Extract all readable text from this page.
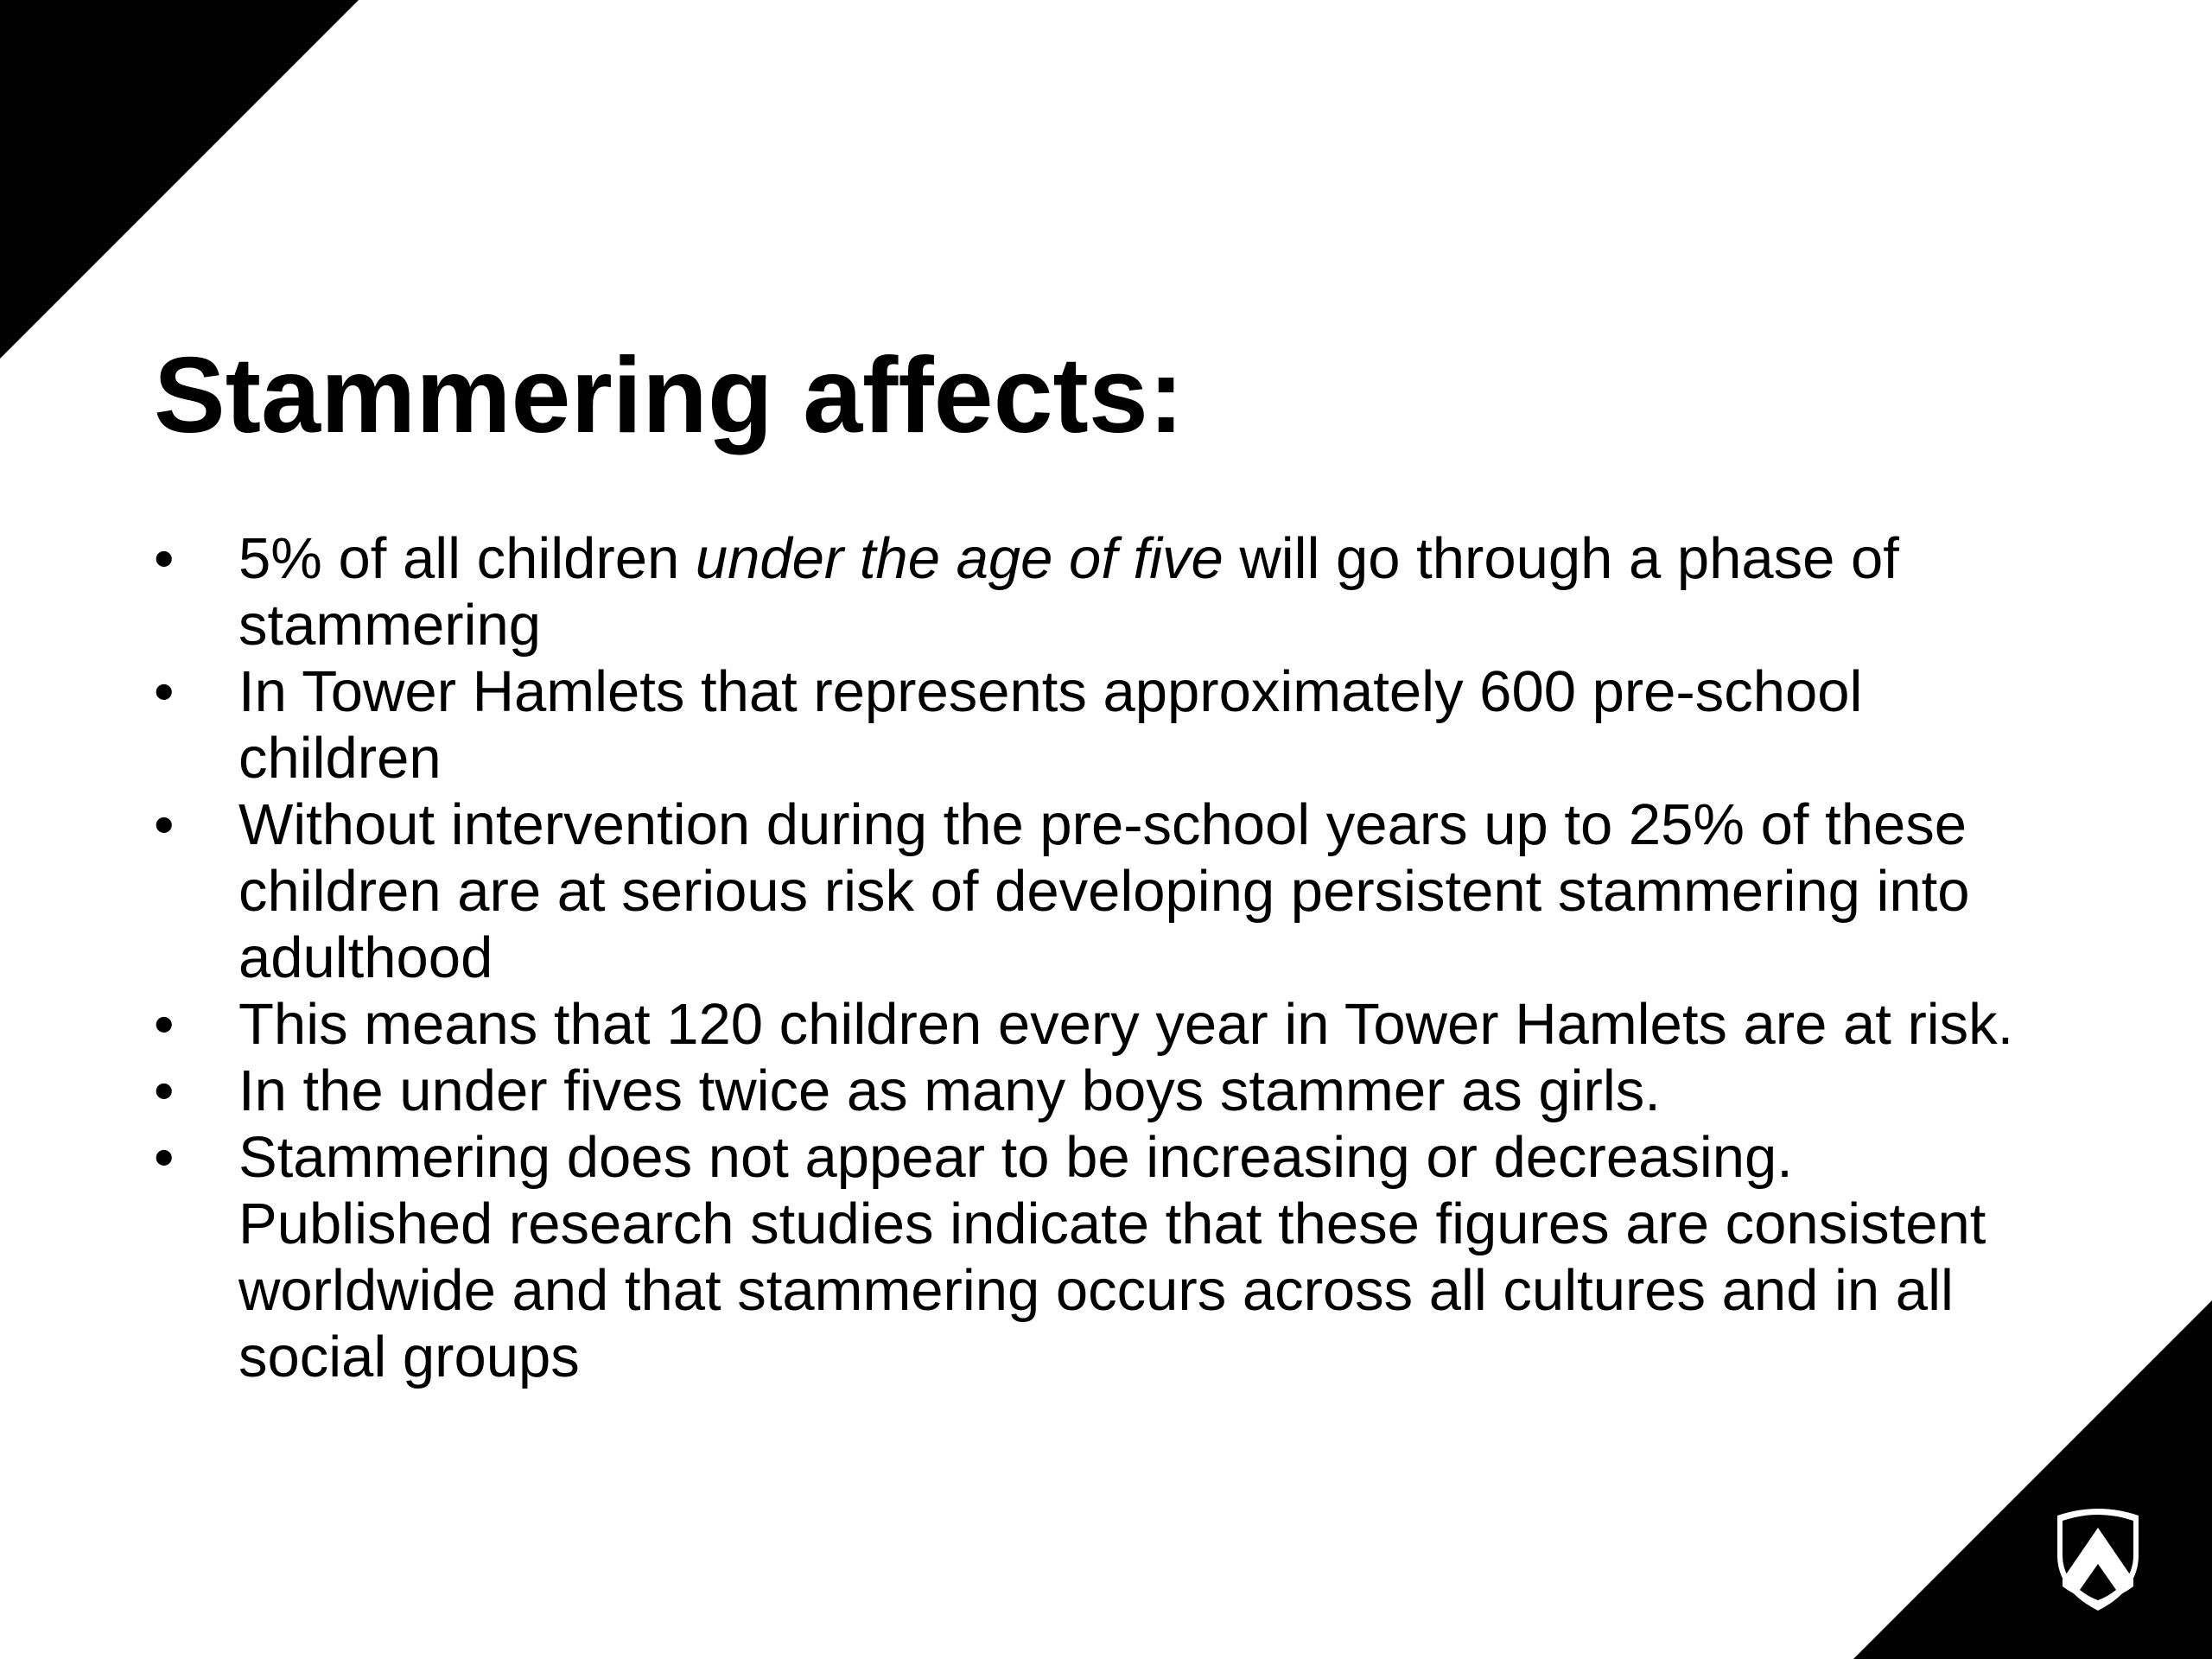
Stammering affects:
• 5% of all children under the age of five will go through a phase of stammering
• In Tower Hamlets that represents approximately 600 pre-school children
• Without intervention during the pre-school years up to 25% of these children are at serious risk of developing persistent stammering into adulthood
• This means that 120 children every year in Tower Hamlets are at risk.
• In the under fives twice as many boys stammer as girls.
• Stammering does not appear to be increasing or decreasing. Published research studies indicate that these figures are consistent worldwide and that stammering occurs across all cultures and in all social groups
